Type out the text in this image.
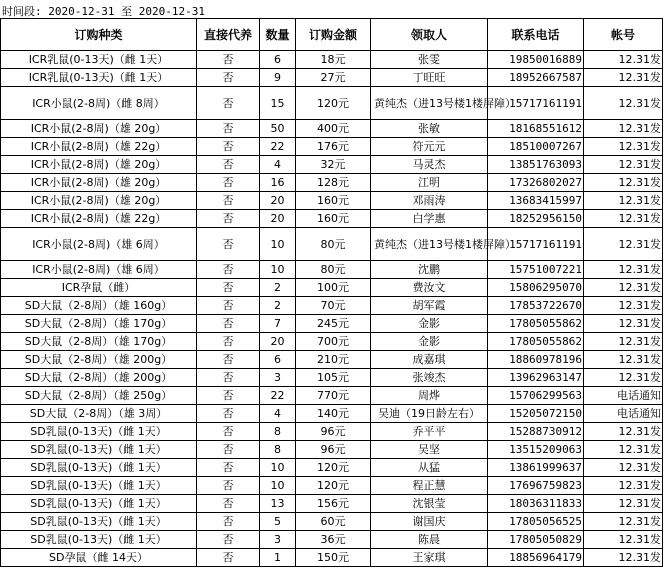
时间段: 2020-12-31 至 2020-12-31
订购种类	直接代养	数量	订购金额	领取人	联系电话	帐号
ICR乳鼠(0-13天)（雌 1天）	否	6	18元	张雯	19850016889	12.31发
ICR乳鼠(0-13天)（雌 1天）	否	9	27元	丁旺旺	18952667587	12.31发
ICR小鼠(2-8周)（雌 8周）	否	15	120元	黄纯杰（进13号楼1楼屏障）	15717161191	12.31发
ICR小鼠(2-8周)（雄 20g）	否	50	400元	张敏	18168551612	12.31发
ICR小鼠(2-8周)（雄 22g）	否	22	176元	符元元	18510007267	12.31发
ICR小鼠(2-8周)（雄 20g）	否	4	32元	马灵杰	13851763093	12.31发
ICR小鼠(2-8周)（雄 20g）	否	16	128元	江明	17326802027	12.31发
ICR小鼠(2-8周)（雄 20g）	否	20	160元	邓雨涛	13683415997	12.31发
ICR小鼠(2-8周)（雄 22g）	否	20	160元	白学惠	18252956150	12.31发
ICR小鼠(2-8周)（雄 6周）	否	10	80元	黄纯杰（进13号楼1楼屏障）	15717161191	12.31发
ICR小鼠(2-8周)（雄 6周）	否	10	80元	沈鹏	15751007221	12.31发
ICR孕鼠（雌）	否	2	100元	费汝文	15806295070	12.31发
SD大鼠（2-8周）（雄 160g）	否	2	70元	胡军霞	17853722670	12.31发
SD大鼠（2-8周）（雄 170g）	否	7	245元	金影	17805055862	12.31发
SD大鼠（2-8周）（雄 170g）	否	20	700元	金影	17805055862	12.31发
SD大鼠（2-8周）（雄 200g）	否	6	210元	成嘉琪	18860978196	12.31发
SD大鼠（2-8周）（雄 200g）	否	3	105元	张竣杰	13962963147	12.31发
SD大鼠（2-8周）（雄 250g）	否	22	770元	周烨	15706299563	电话通知
SD大鼠（2-8周）（雄 3周）	否	4	140元	吴迪（19日龄左右）	15205072150	电话通知
SD乳鼠(0-13天)（雌 1天）	否	8	96元	乔平平	15288730912	12.31发
SD乳鼠(0-13天)（雌 1天）	否	8	96元	吴坚	13515209063	12.31发
SD乳鼠(0-13天)（雌 1天）	否	10	120元	从猛	13861999637	12.31发
SD乳鼠(0-13天)（雌 1天）	否	10	120元	程正慧	17696759823	12.31发
SD乳鼠(0-13天)（雌 1天）	否	13	156元	沈银莹	18036311833	12.31发
SD乳鼠(0-13天)（雌 1天）	否	5	60元	谢国庆	17805056525	12.31发
SD乳鼠(0-13天)（雌 1天）	否	3	36元	陈晨	17805050829	12.31发
SD孕鼠（雌 14天）	否	1	150元	王家琪	18856964179	12.31发
